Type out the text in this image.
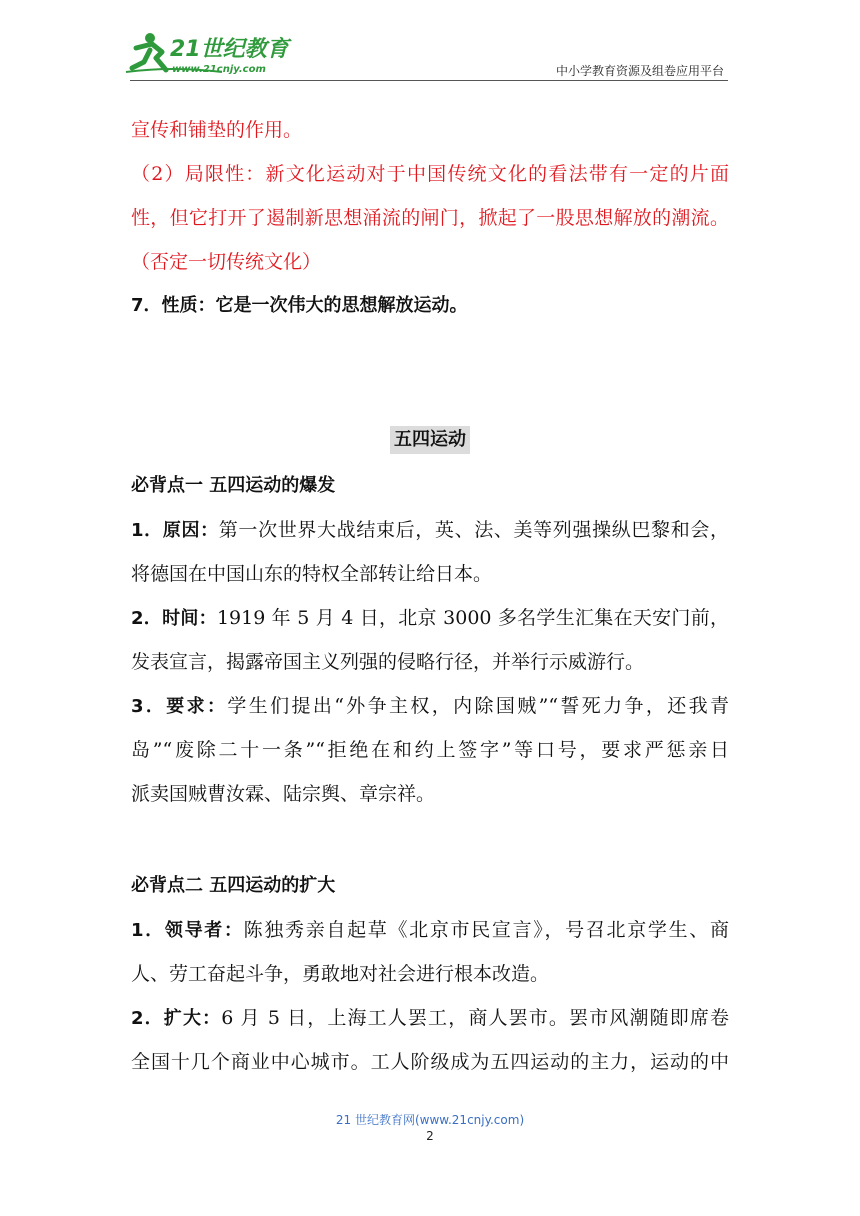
21世纪教育
www.21cnjy.com	中小学教育资源及组卷应用平台
宣传和铺垫的作用。
（2）局限性：新文化运动对于中国传统文化的看法带有一定的片面
性，但它打开了遏制新思想涌流的闸门，掀起了一股思想解放的潮流。
（否定一切传统文化）
7．性质：它是一次伟大的思想解放运动。
五四运动
必背点一 五四运动的爆发
1．原因：第一次世界大战结束后，英、法、美等列强操纵巴黎和会，
将德国在中国山东的特权全部转让给日本。
2．时间：1919 年 5 月 4 日，北京 3000 多名学生汇集在天安门前，
发表宣言，揭露帝国主义列强的侵略行径，并举行示威游行。
3．要求：学生们提出“外争主权，内除国贼”“誓死力争，还我青
岛”“废除二十一条”“拒绝在和约上签字”等口号，要求严惩亲日
派卖国贼曹汝霖、陆宗舆、章宗祥。
必背点二 五四运动的扩大
1．领导者：陈独秀亲自起草《北京市民宣言》，号召北京学生、商
人、劳工奋起斗争，勇敢地对社会进行根本改造。
2．扩大：6 月 5 日，上海工人罢工，商人罢市。罢市风潮随即席卷
全国十几个商业中心城市。工人阶级成为五四运动的主力，运动的中
21 世纪教育网(www.21cnjy.com)
2
